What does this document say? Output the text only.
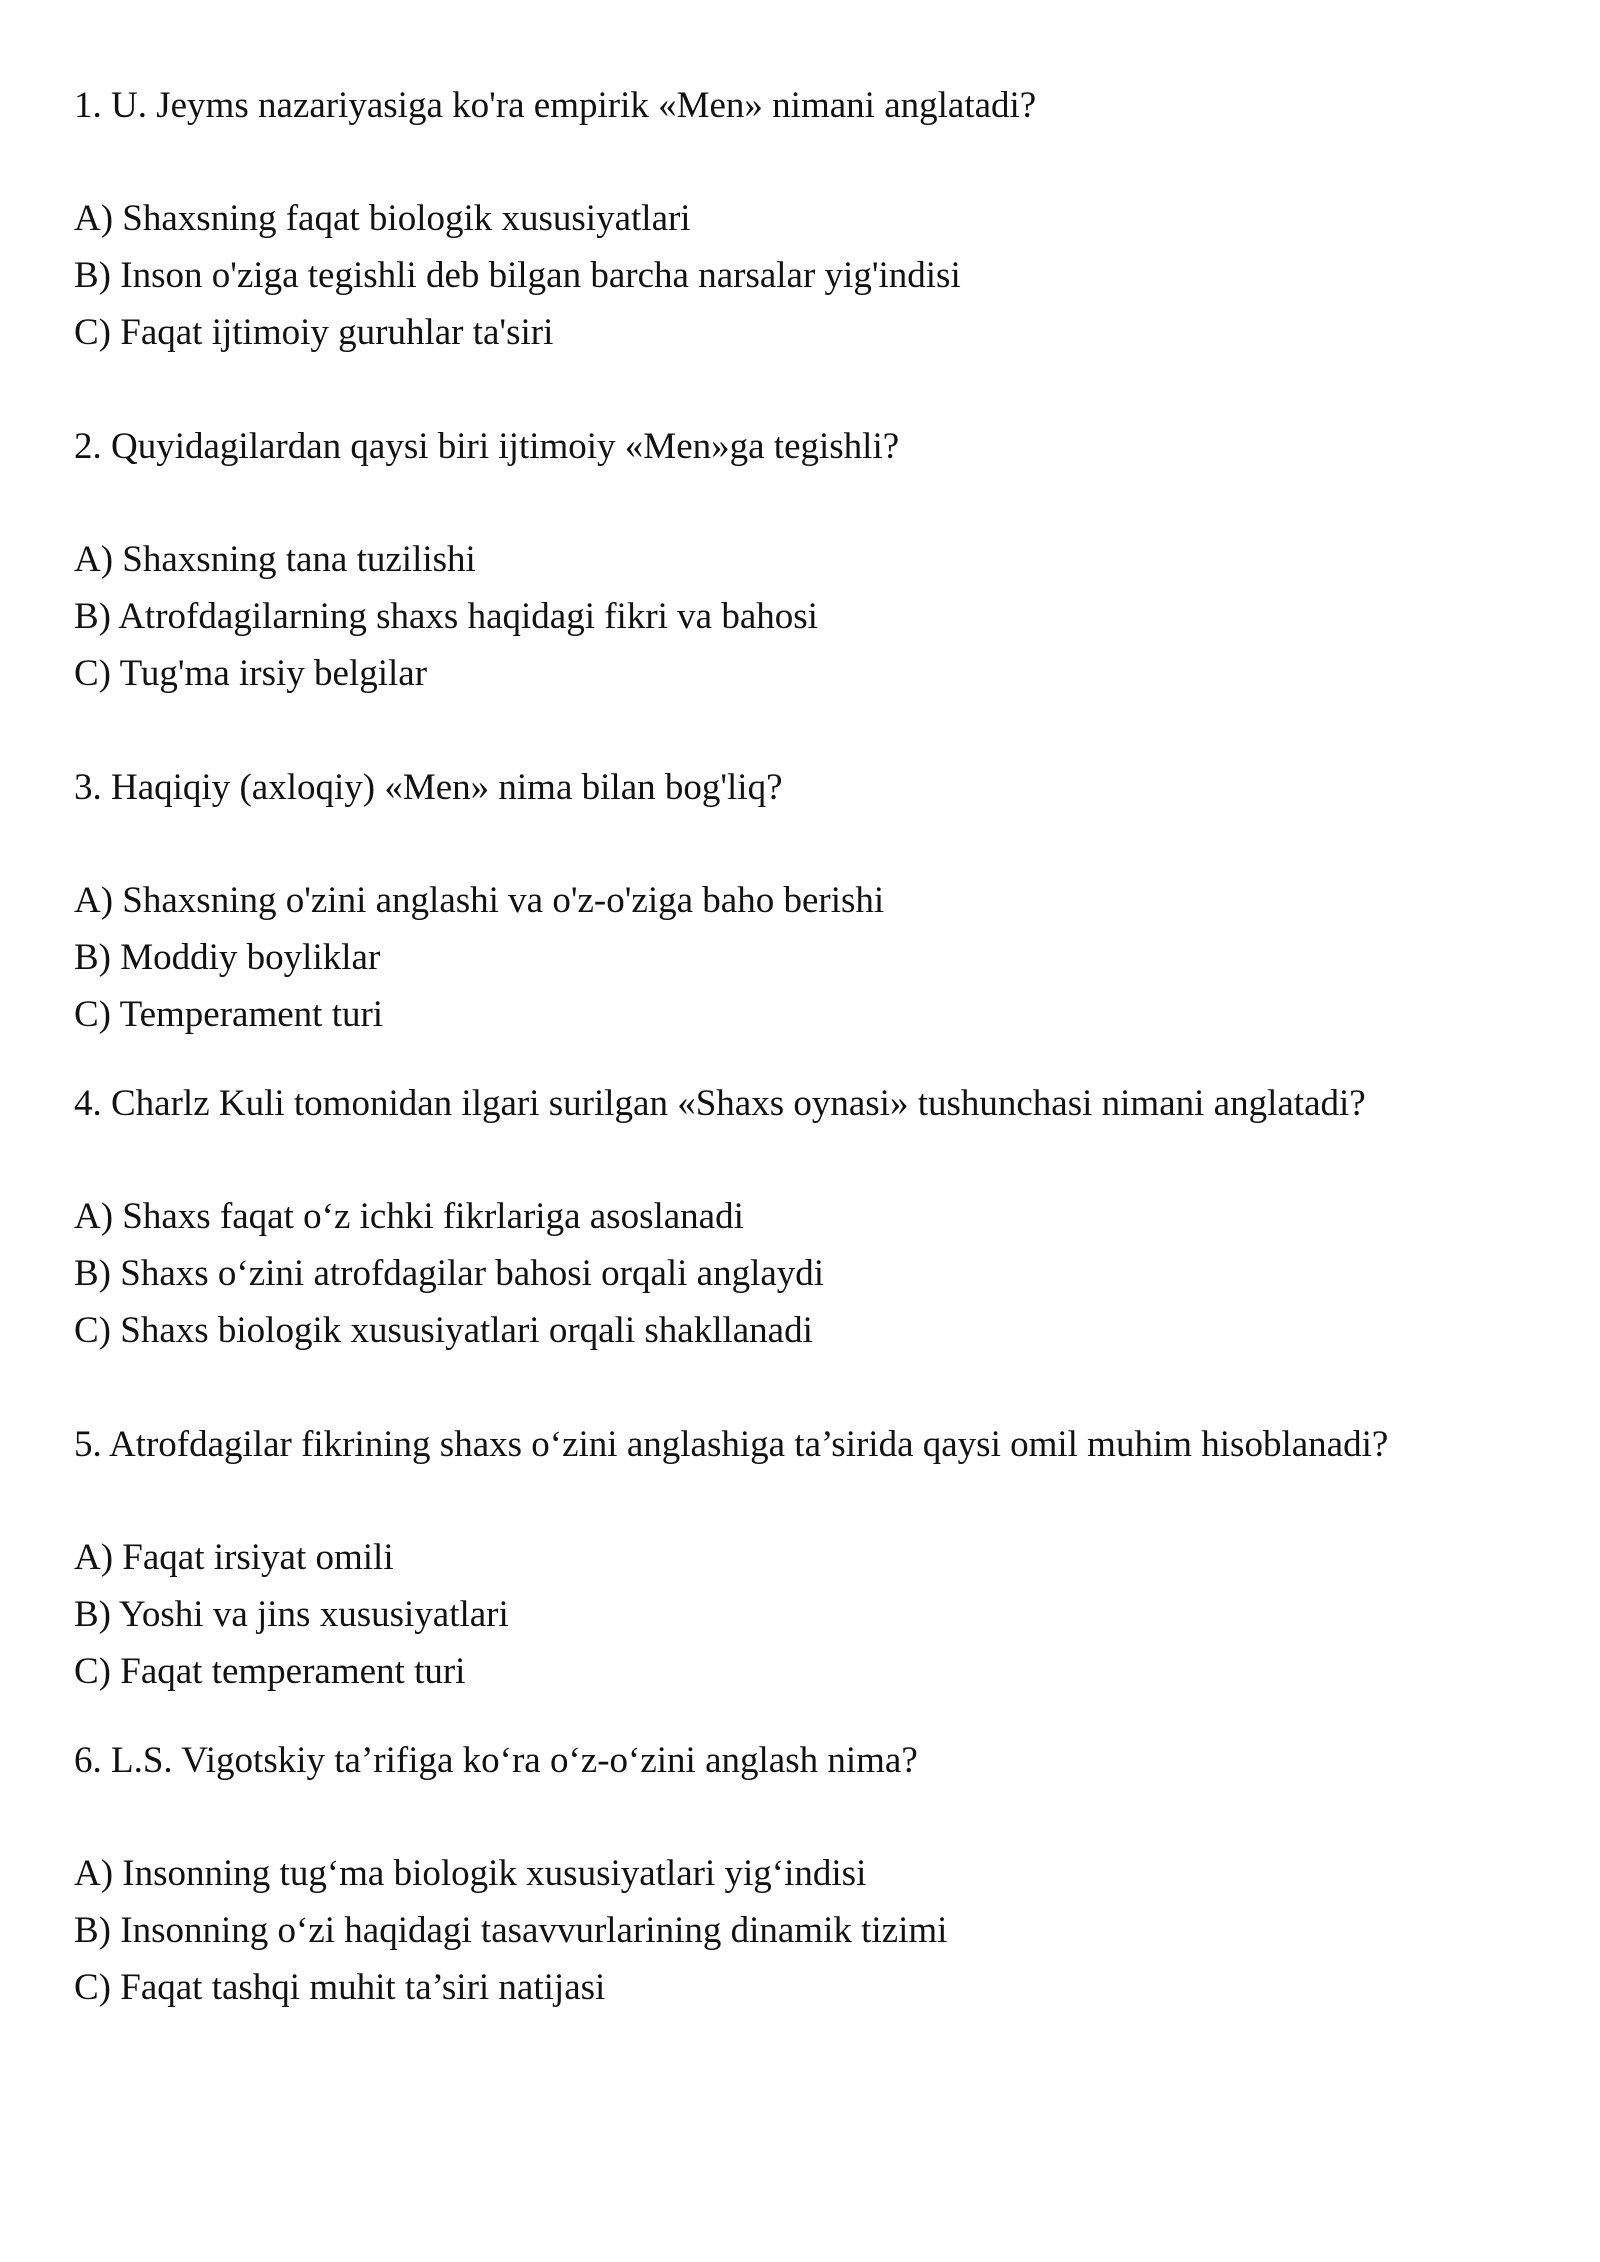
1. U. Jeyms nazariyasiga ko'ra empirik «Men» nimani anglatadi?

A) Shaxsning faqat biologik xususiyatlari

B) Inson o'ziga tegishli deb bilgan barcha narsalar yig'indisi

C) Faqat ijtimoiy guruhlar ta'siri

2. Quyidagilardan qaysi biri ijtimoiy «Men»ga tegishli?

A) Shaxsning tana tuzilishi

B) Atrofdagilarning shaxs haqidagi fikri va bahosi

C) Tug'ma irsiy belgilar

3. Haqiqiy (axloqiy) «Men» nima bilan bog'liq?

A) Shaxsning o'zini anglashi va o'z-o'ziga baho berishi

B) Moddiy boyliklar

C) Temperament turi

4. Charlz Kuli tomonidan ilgari surilgan «Shaxs oynasi» tushunchasi nimani anglatadi?

A) Shaxs faqat o‘z ichki fikrlariga asoslanadi

B) Shaxs o‘zini atrofdagilar bahosi orqali anglaydi

C) Shaxs biologik xususiyatlari orqali shakllanadi

5. Atrofdagilar fikrining shaxs o‘zini anglashiga ta’sirida qaysi omil muhim hisoblanadi?

A) Faqat irsiyat omili

B) Yoshi va jins xususiyatlari

C) Faqat temperament turi

6. L.S. Vigotskiy ta’rifiga ko‘ra o‘z-o‘zini anglash nima?

A) Insonning tug‘ma biologik xususiyatlari yig‘indisi

B) Insonning o‘zi haqidagi tasavvurlarining dinamik tizimi

C) Faqat tashqi muhit ta’siri natijasi
